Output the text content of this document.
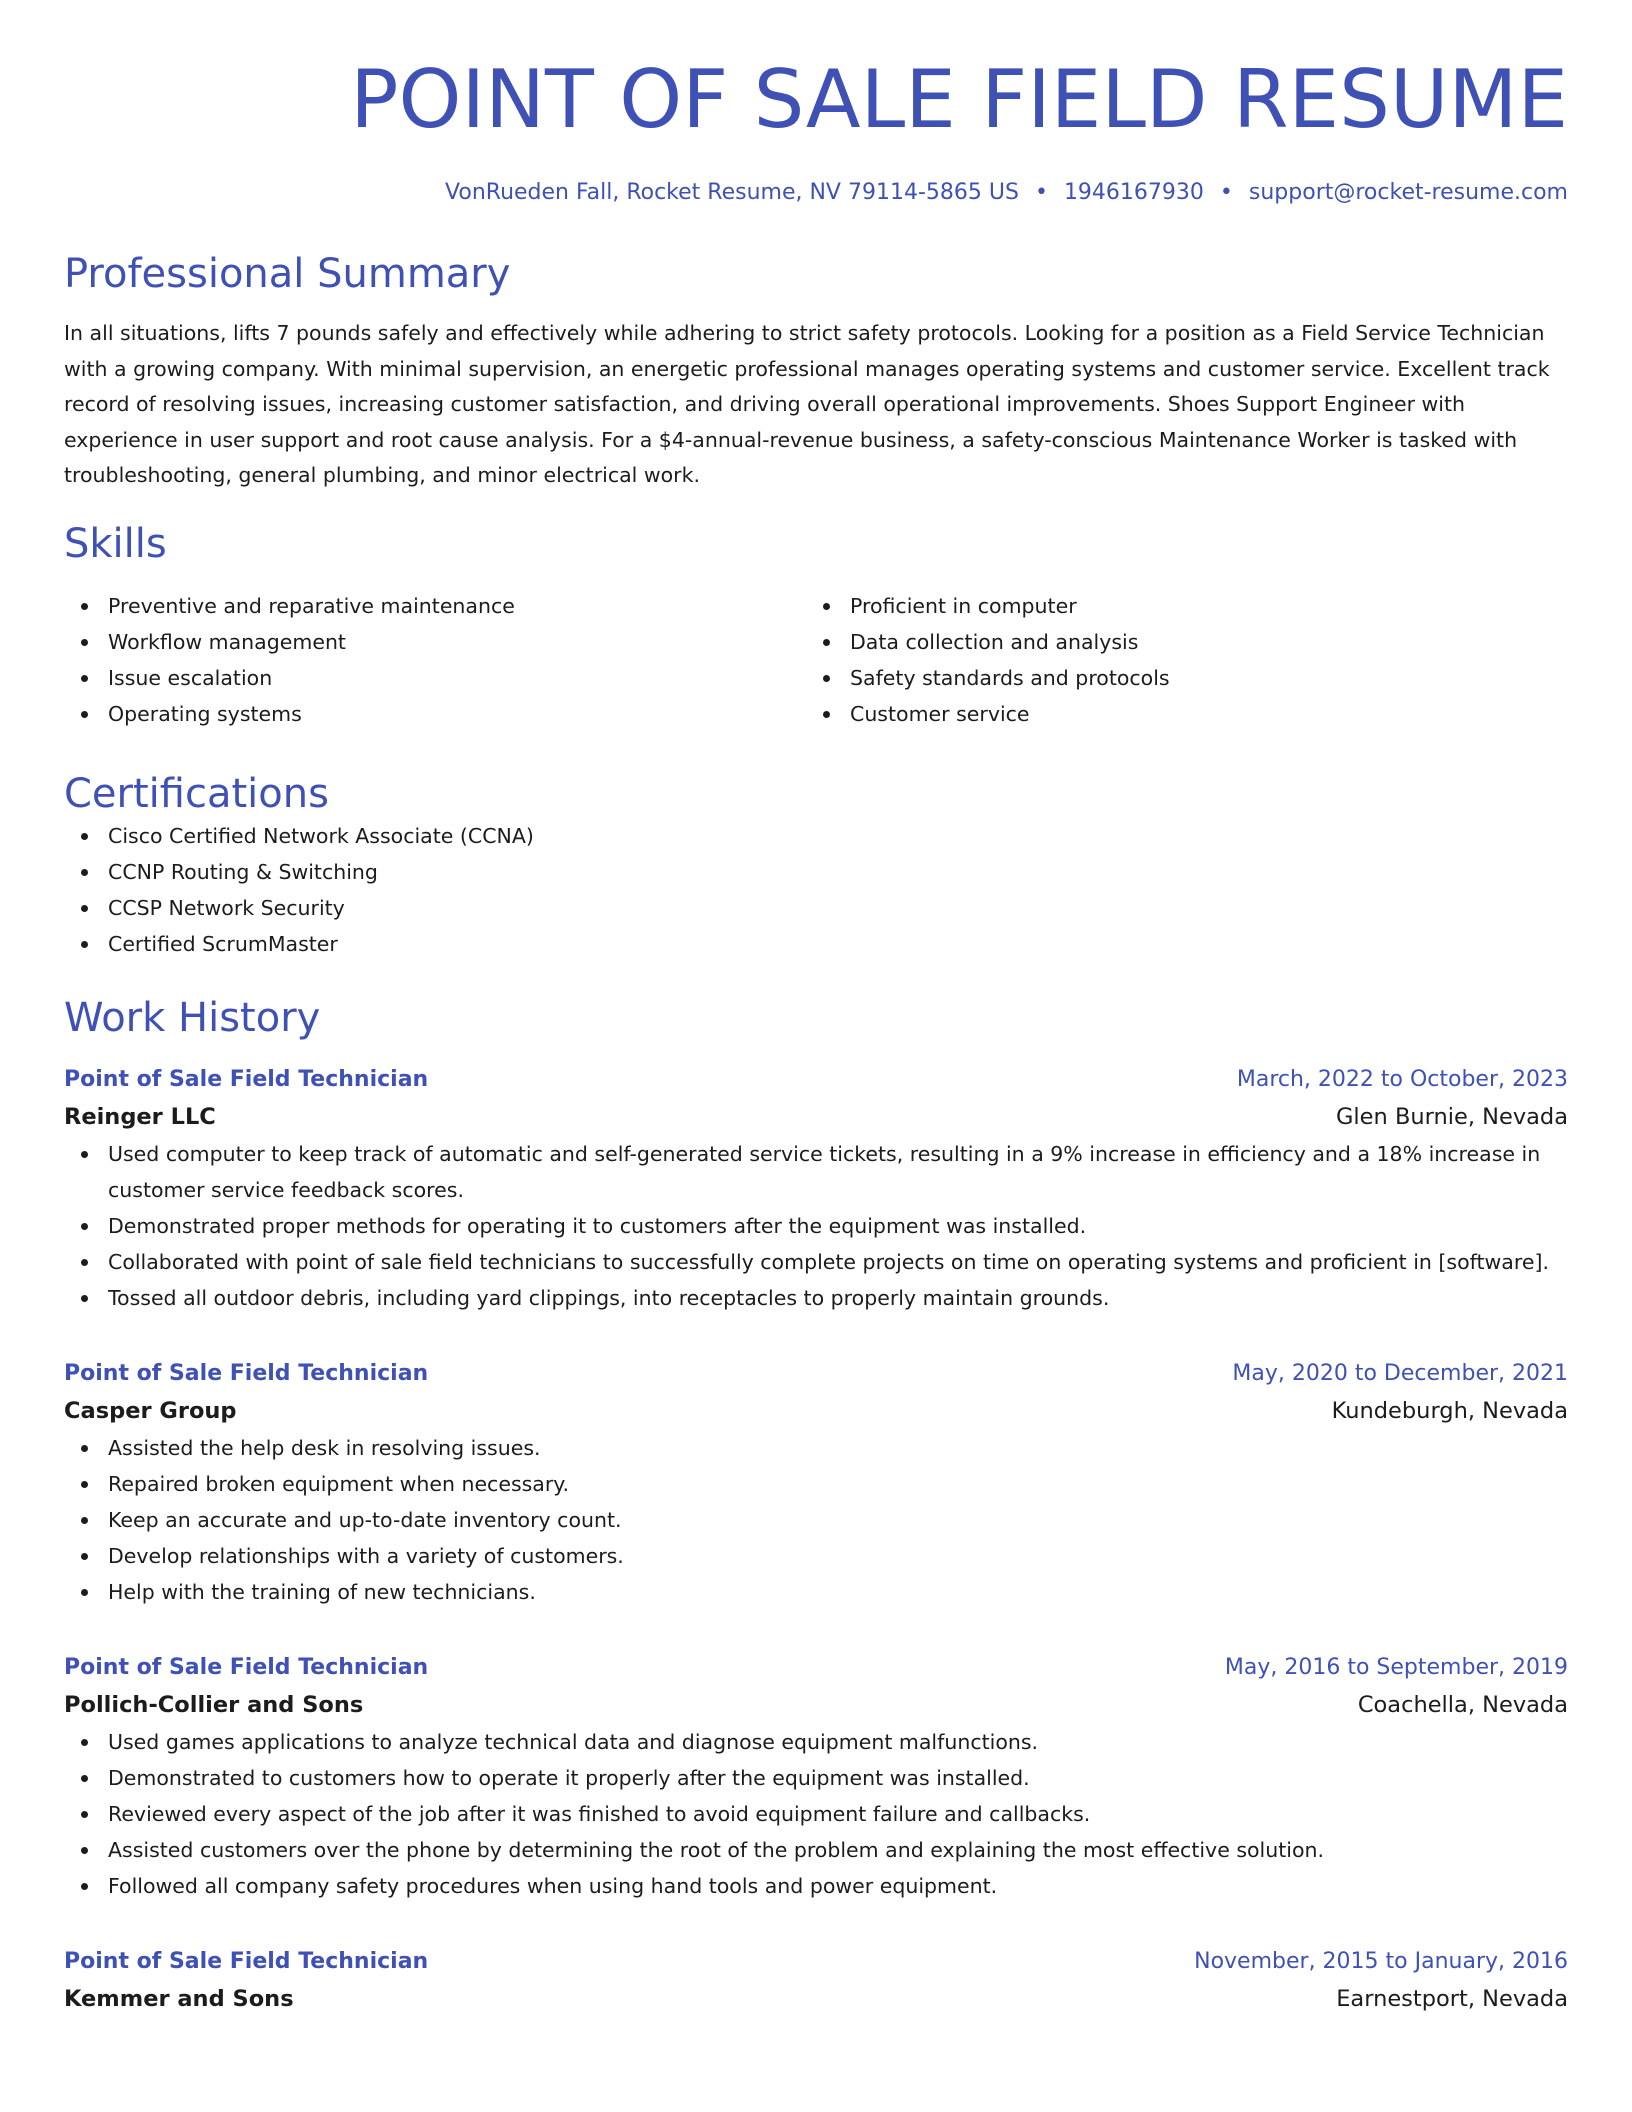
POINT OF SALE FIELD RESUME
VonRueden Fall, Rocket Resume, NV 79114-5865 US • 1946167930 • support@rocket-resume.com
Professional Summary

In all situations, lifts 7 pounds safely and effectively while adhering to strict safety protocols. Looking for a position as a Field Service Technician with a growing company. With minimal supervision, an energetic professional manages operating systems and customer service. Excellent track record of resolving issues, increasing customer satisfaction, and driving overall operational improvements. Shoes Support Engineer with experience in user support and root cause analysis. For a $4-annual-revenue business, a safety-conscious Maintenance Worker is tasked with troubleshooting, general plumbing, and minor electrical work.

Skills
Preventive and reparative maintenance
Workflow management
Issue escalation
Operating systems
Proficient in computer
Data collection and analysis
Safety standards and protocols
Customer service
Certifications
Cisco Certified Network Associate (CCNA)
CCNP Routing & Switching
CCSP Network Security
Certified ScrumMaster
Work History
Point of Sale Field Technician	March, 2022 to October, 2023
Reinger LLC	Glen Burnie, Nevada
Used computer to keep track of automatic and self-generated service tickets, resulting in a 9% increase in efficiency and a 18% increase in customer service feedback scores.
Demonstrated proper methods for operating it to customers after the equipment was installed.
Collaborated with point of sale field technicians to successfully complete projects on time on operating systems and proficient in [software].
Tossed all outdoor debris, including yard clippings, into receptacles to properly maintain grounds.
Point of Sale Field Technician	May, 2020 to December, 2021
Casper Group	Kundeburgh, Nevada
Assisted the help desk in resolving issues.
Repaired broken equipment when necessary.
Keep an accurate and up-to-date inventory count.
Develop relationships with a variety of customers.
Help with the training of new technicians.
Point of Sale Field Technician	May, 2016 to September, 2019
Pollich-Collier and Sons	Coachella, Nevada
Used games applications to analyze technical data and diagnose equipment malfunctions.
Demonstrated to customers how to operate it properly after the equipment was installed.
Reviewed every aspect of the job after it was finished to avoid equipment failure and callbacks.
Assisted customers over the phone by determining the root of the problem and explaining the most effective solution.
Followed all company safety procedures when using hand tools and power equipment.
Point of Sale Field Technician	November, 2015 to January, 2016
Kemmer and Sons	Earnestport, Nevada
